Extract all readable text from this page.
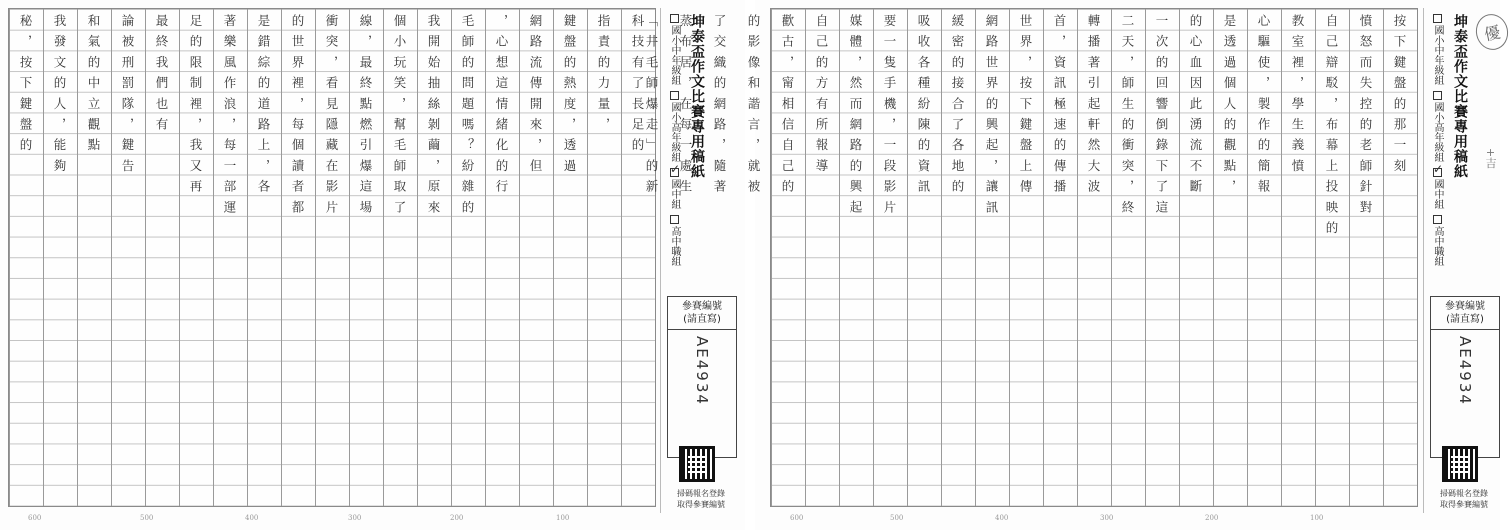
科技有了長足的
指責的力量，
鍵盤的熱度，透過
網路流傳開來，但
，心想這情緒化的行
毛師的問題嗎？紛雜的
我開始抽絲剝繭，原來
個小玩笑，幫毛師取了
線，最終點燃引爆這場
衝突，看見隱藏在影片
的世界裡，每個讀者都
是錯綜的道路上，各
著樂風作浪，每一部運
足的限制裡，我又再
最終我們也有
論被刑罰隊，鍵告
和氣的中立觀點
我發文的人，能夠
秘，按下鍵盤的
600	500	400	300	200	100
坤泰盃作文比賽專用稿紙
國小中年級組
國小高年級組
✓
國中組
高中職組
參賽編號
(請直寫)
AE4934
掃碼報名登錄
取得參賽編號
按下鍵盤的那一刻
憤怒而失控的老師針對
自己辯駁，布幕上投映的
教室裡，學生義憤
心驅使，製作的簡報
是透過個人的觀點，
的心血因此湧流不斷
一次的回響倒錄下了這
二天，師生的衝突，終
轉播著引起軒然大波
首，資訊極速的傳播
世界，按下鍵盤上傳
網路世界的興起，讓訊
緩密的接合了各地的
吸收各種紛陳的資訊
要一隻手機，一段影片
媒體，然而網路的興起
自己的方有所報導
歡古，甯相信自己的
的影像和諧言，就被
了交織的網路，隨著
蒸布居，在每一處生
「井毛師爆走」的新
600	500	400	300	200	100
坤泰盃作文比賽專用稿紙 優
+吉
國小中年級組
國小高年級組
✓
國中組
高中職組
參賽編號
(請直寫)
AE4934
掃碼報名登錄
取得參賽編號
